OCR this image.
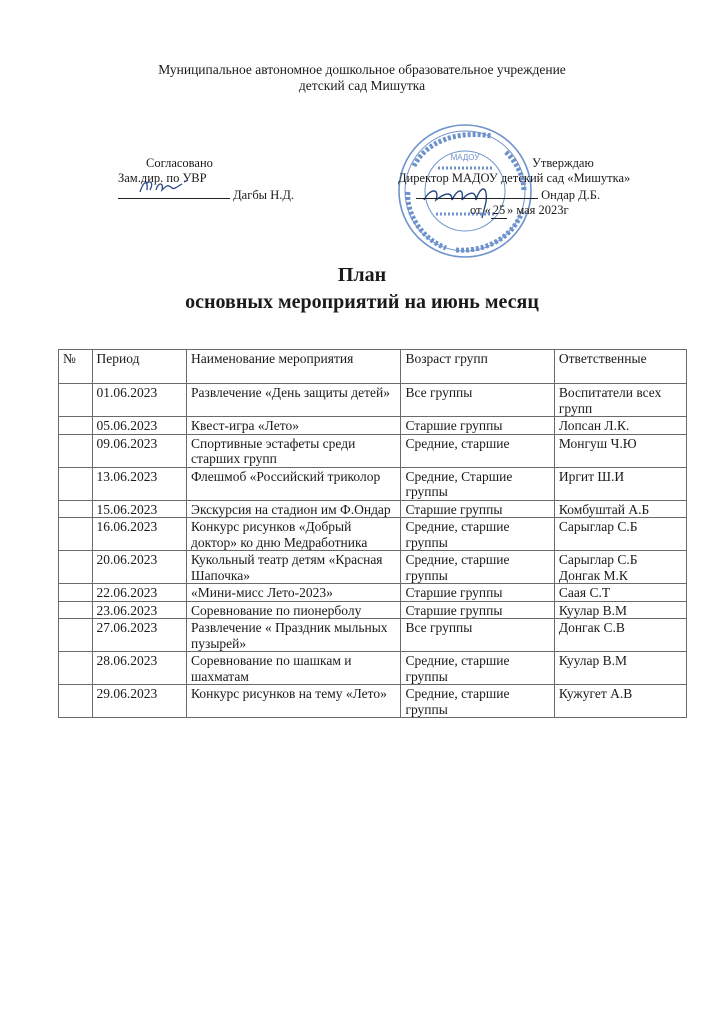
Муниципальное автономное дошкольное образовательное учреждение
детский сад Мишутка
Согласовано
Зам.дир. по УВР
Дагбы Н.Д.
МАДОУ	Утверждаю
Директор МАДОУ детский сад «Мишутка»
Ондар Д.Б.
от « 25 » мая 2023г
План
основных мероприятий на июнь месяц
№	Период	Наименование мероприятия	Возраст групп	Ответственные
	01.06.2023	Развлечение «День защиты детей»	Все группы	Воспитатели всех групп
	05.06.2023	Квест-игра «Лето»	Старшие группы	Лопсан Л.К.
	09.06.2023	Спортивные эстафеты среди старших групп	Средние, старшие	Монгуш Ч.Ю
	13.06.2023	Флешмоб «Российский триколор	Средние, Старшие группы	Иргит Ш.И
	15.06.2023	Экскурсия на стадион им Ф.Ондар	Старшие группы	Комбуштай А.Б
	16.06.2023	Конкурс рисунков «Добрый доктор» ко дню Медработника	Средние, старшие группы	Сарыглар С.Б
	20.06.2023	Кукольный театр детям «Красная Шапочка»	Средние, старшие группы	Сарыглар С.Б Донгак М.К
	22.06.2023	«Мини-мисс Лето-2023»	Старшие группы	Саая С.Т
	23.06.2023	Соревнование по пионерболу	Старшие группы	Куулар В.М
	27.06.2023	Развлечение « Праздник мыльных пузырей»	Все группы	Донгак С.В
	28.06.2023	Соревнование по шашкам и шахматам	Средние, старшие группы	Куулар В.М
	29.06.2023	Конкурс рисунков на тему «Лето»	Средние, старшие группы	Кужугет А.В
